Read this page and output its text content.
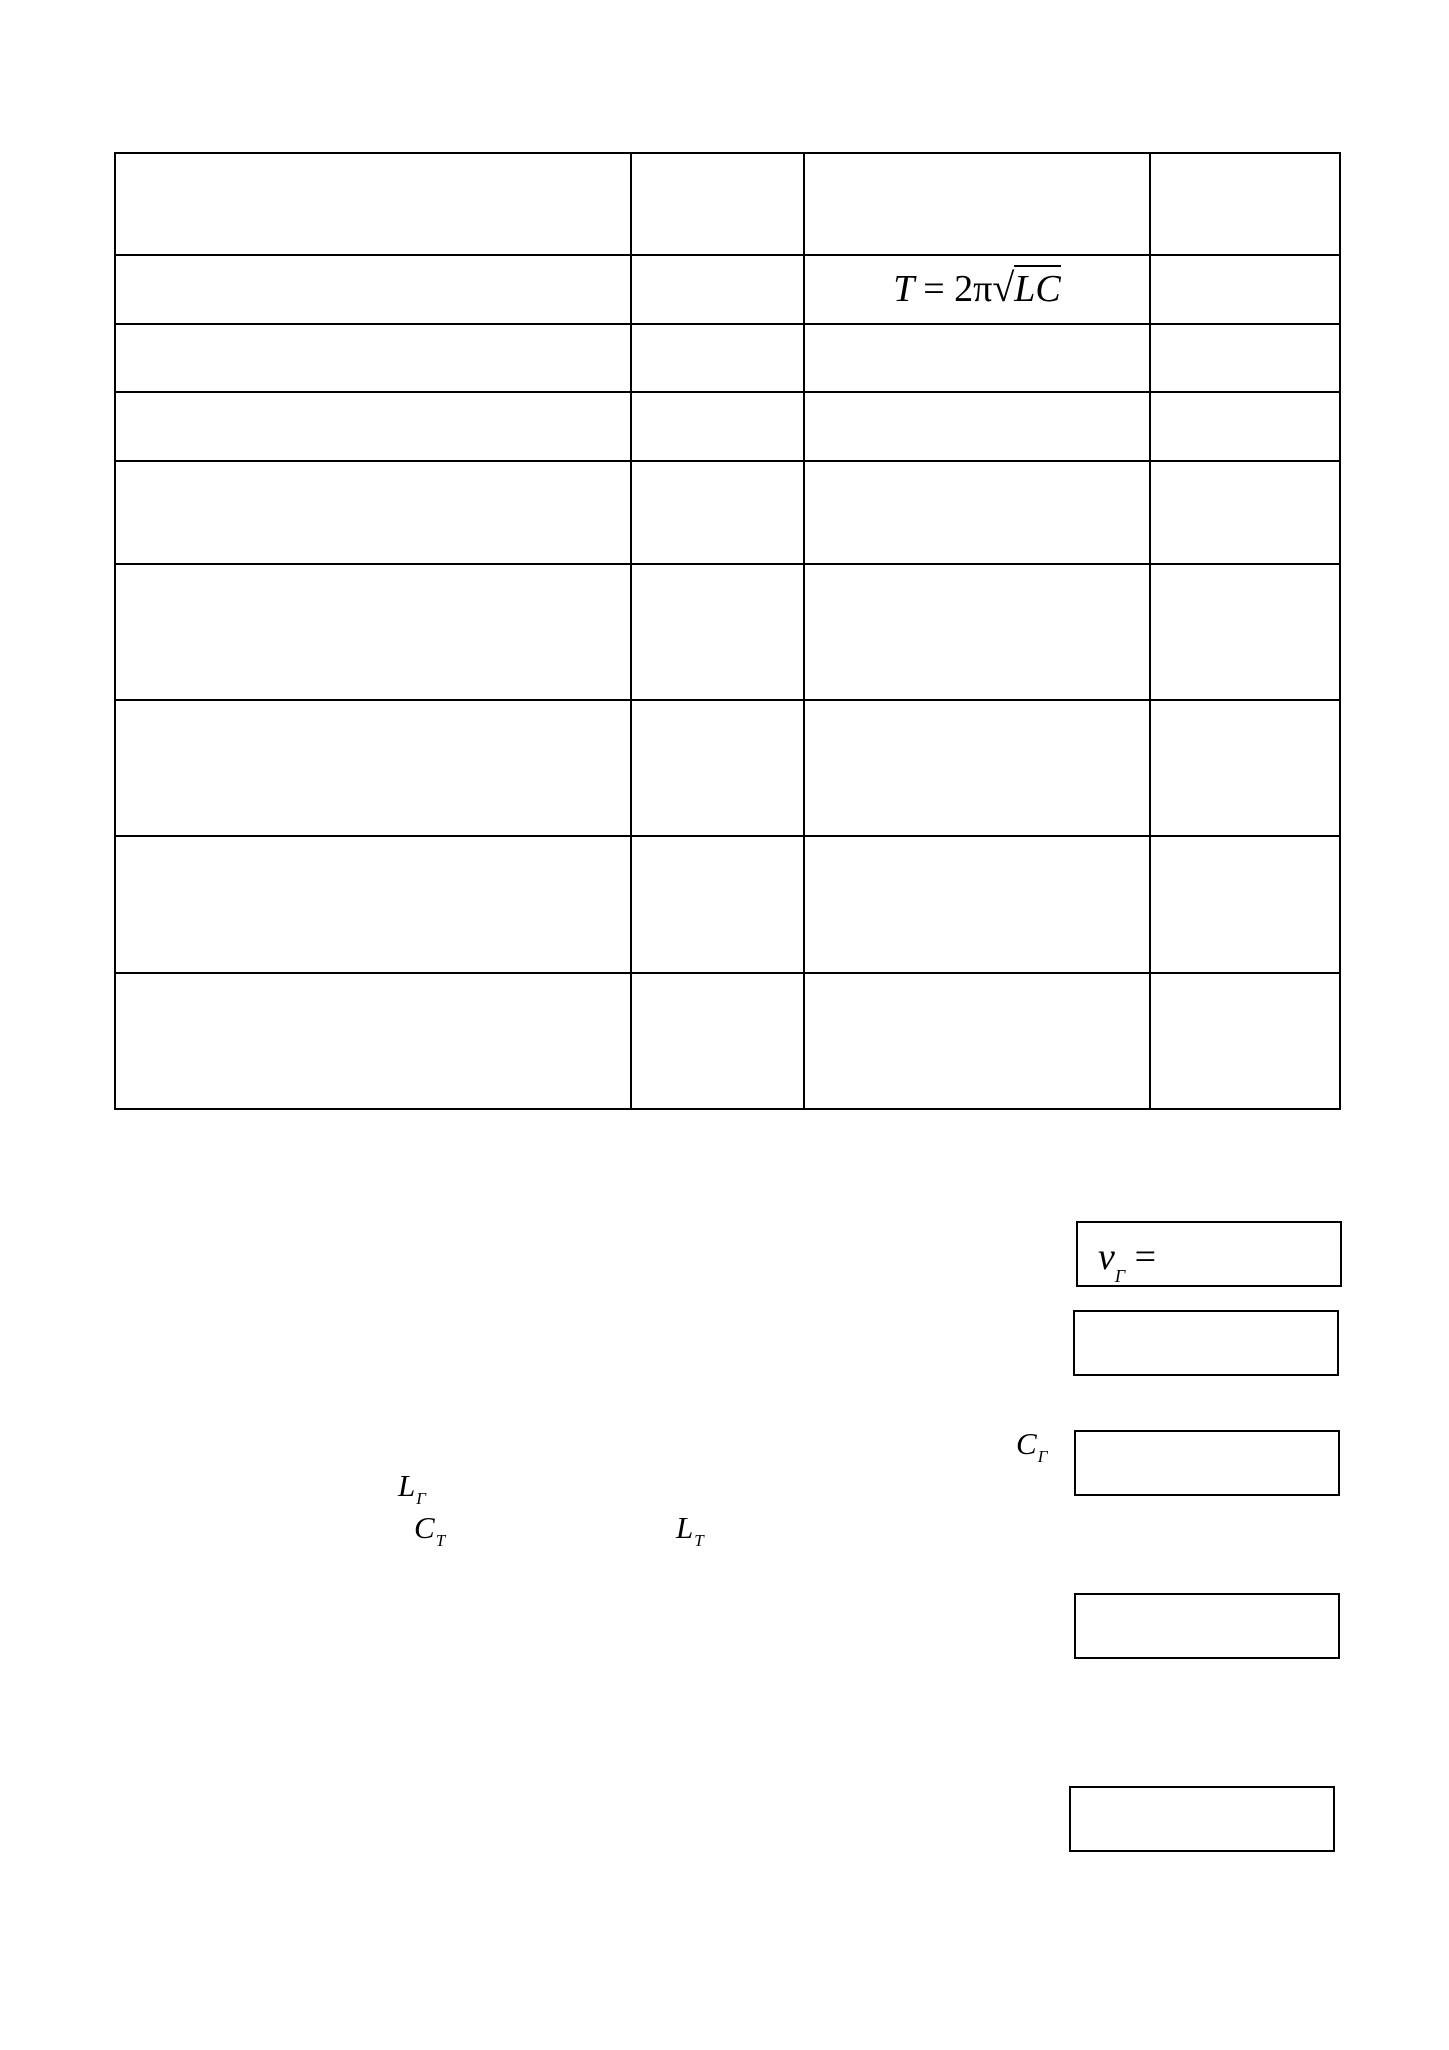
		T = 2π√LC	

$\nu_Г$ =
$C_Г$
$L_Г$
$C_T$	$L_T$
